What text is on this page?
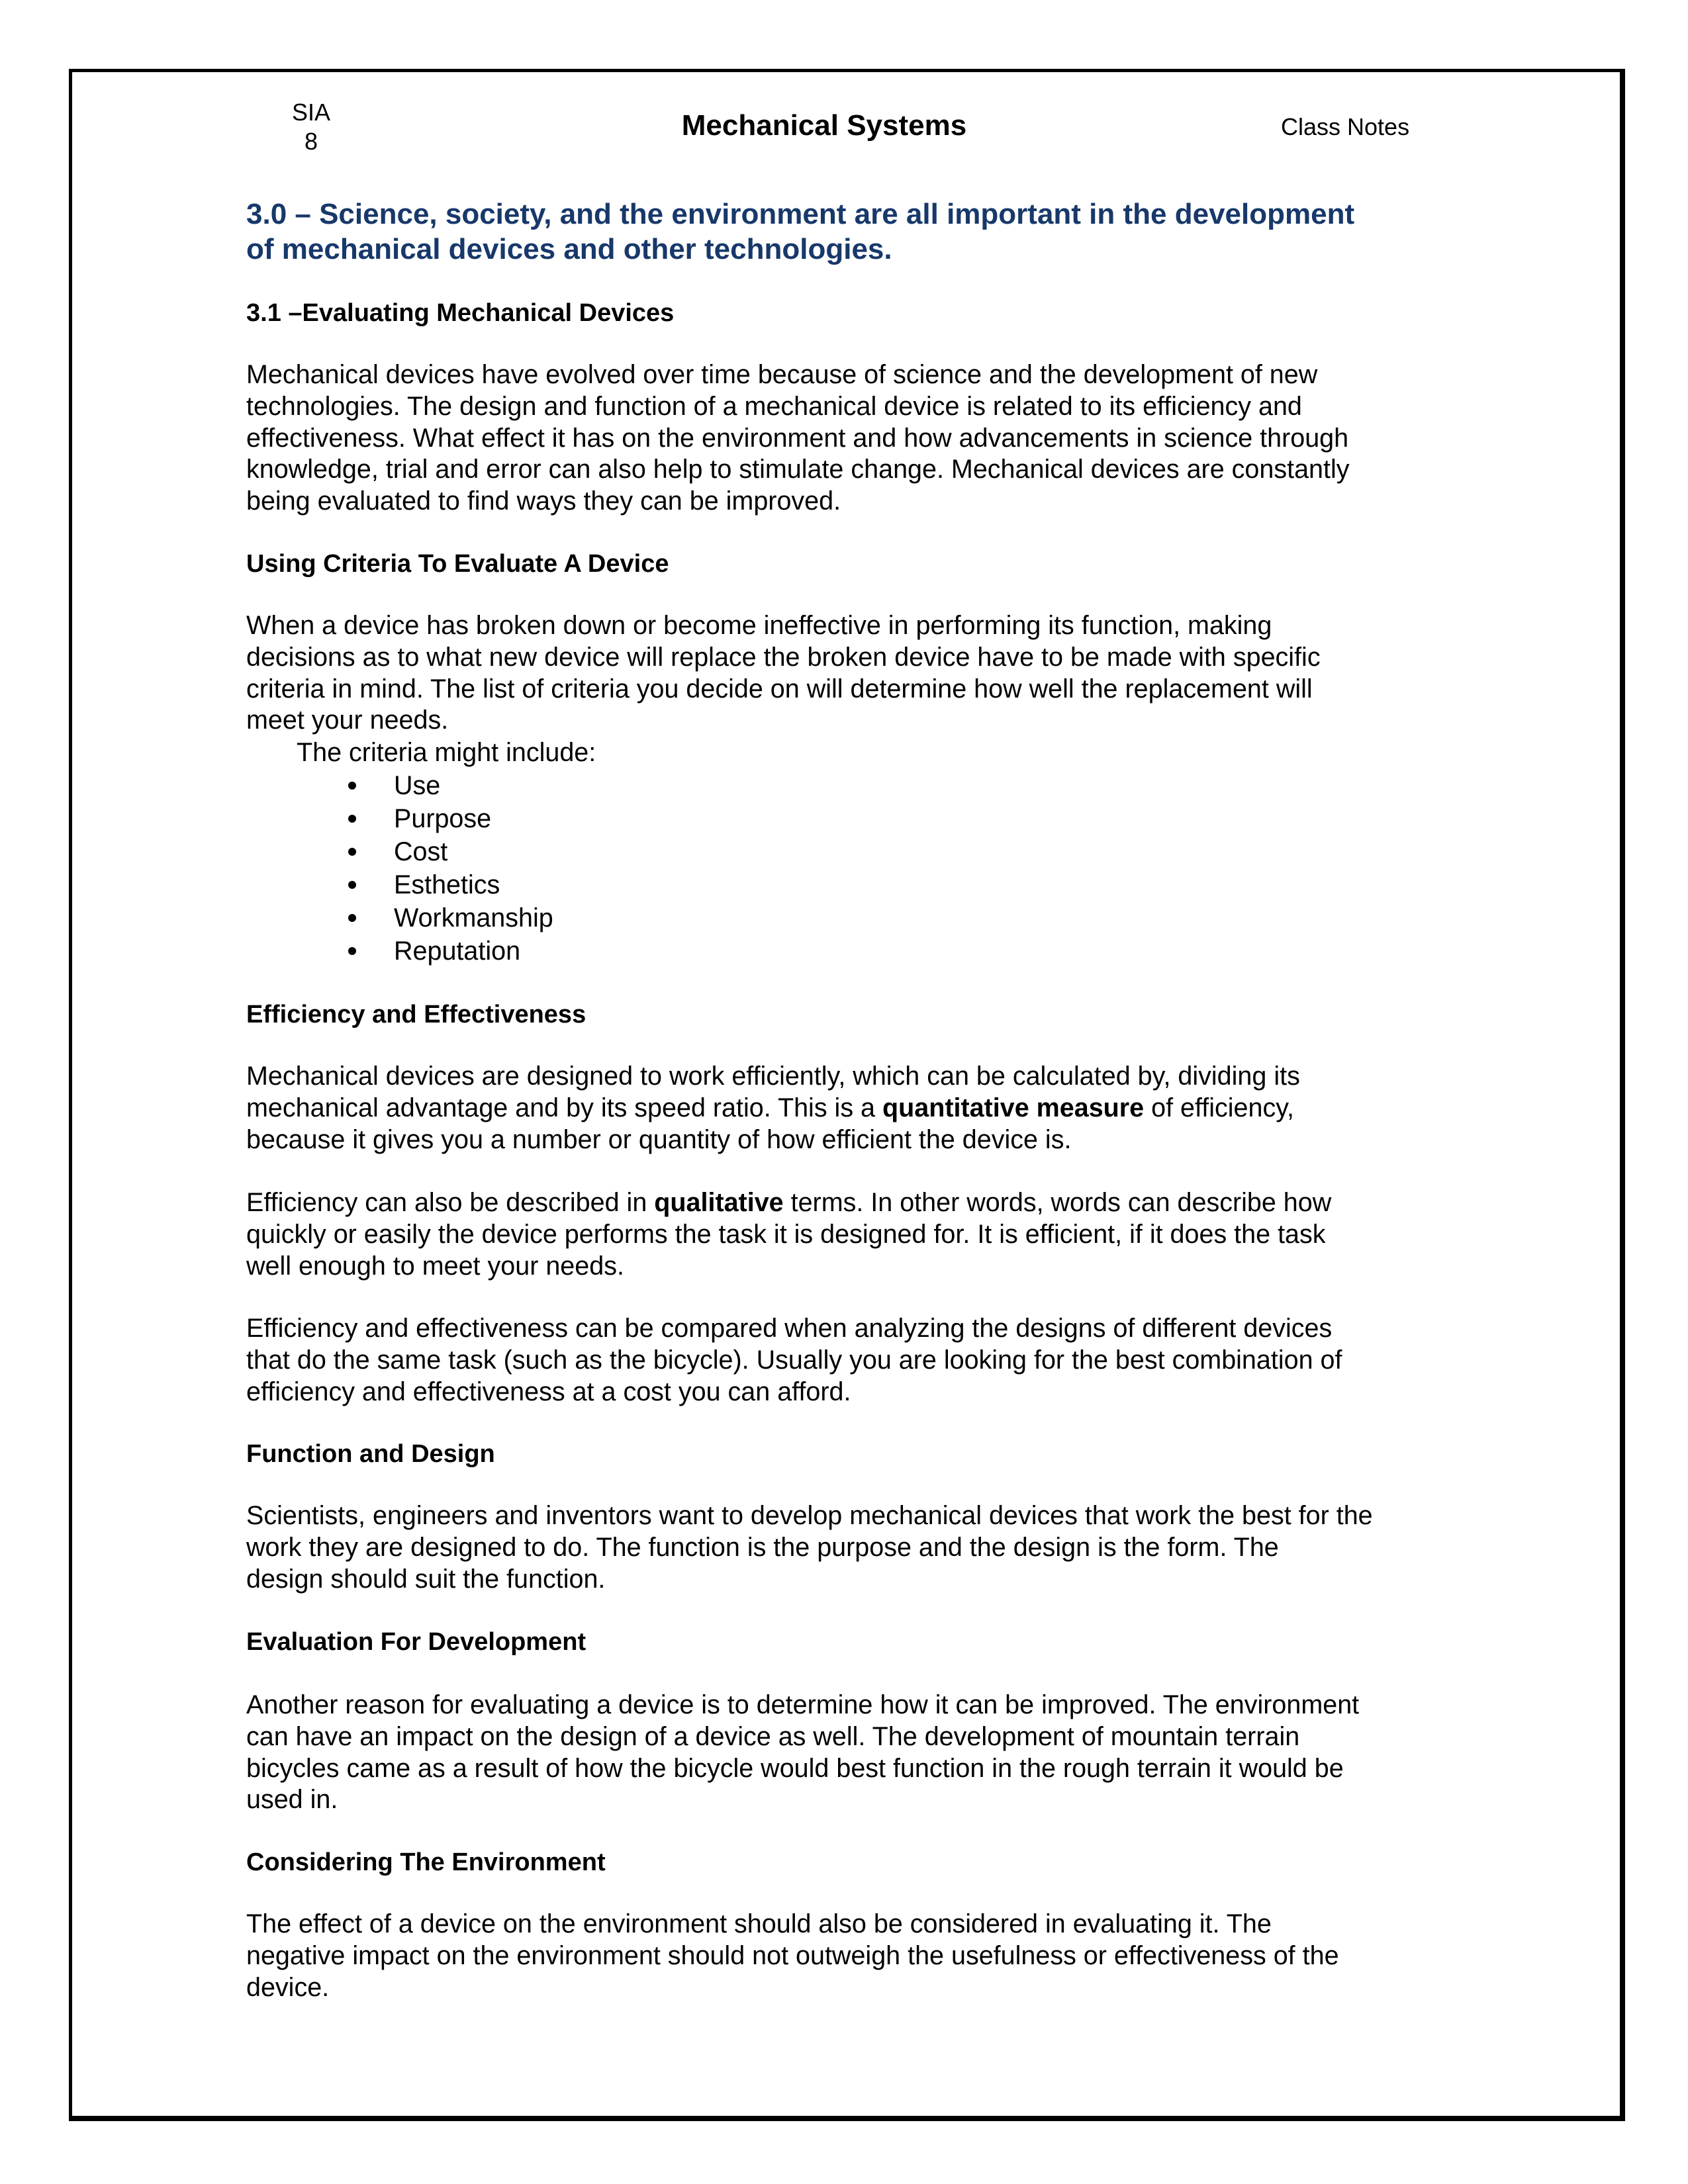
SIA
8	Mechanical Systems	Class Notes
3.0 – Science, society, and the environment are all important in the development
of mechanical devices and other technologies.
3.1 –Evaluating Mechanical Devices
Mechanical devices have evolved over time because of science and the development of new
technologies. The design and function of a mechanical device is related to its efficiency and
effectiveness. What effect it has on the environment and how advancements in science through
knowledge, trial and error can also help to stimulate change. Mechanical devices are constantly
being evaluated to find ways they can be improved.
Using Criteria To Evaluate A Device
When a device has broken down or become ineffective in performing its function, making
decisions as to what new device will replace the broken device have to be made with specific
criteria in mind. The list of criteria you decide on will determine how well the replacement will
meet your needs.
The criteria might include:
Use
Purpose
Cost
Esthetics
Workmanship
Reputation
Efficiency and Effectiveness
Mechanical devices are designed to work efficiently, which can be calculated by, dividing its
mechanical advantage and by its speed ratio. This is a quantitative measure of efficiency,
because it gives you a number or quantity of how efficient the device is.
Efficiency can also be described in qualitative terms. In other words, words can describe how
quickly or easily the device performs the task it is designed for. It is efficient, if it does the task
well enough to meet your needs.
Efficiency and effectiveness can be compared when analyzing the designs of different devices
that do the same task (such as the bicycle). Usually you are looking for the best combination of
efficiency and effectiveness at a cost you can afford.
Function and Design
Scientists, engineers and inventors want to develop mechanical devices that work the best for the
work they are designed to do. The function is the purpose and the design is the form. The
design should suit the function.
Evaluation For Development
Another reason for evaluating a device is to determine how it can be improved. The environment
can have an impact on the design of a device as well. The development of mountain terrain
bicycles came as a result of how the bicycle would best function in the rough terrain it would be
used in.
Considering The Environment
The effect of a device on the environment should also be considered in evaluating it. The
negative impact on the environment should not outweigh the usefulness or effectiveness of the
device.
